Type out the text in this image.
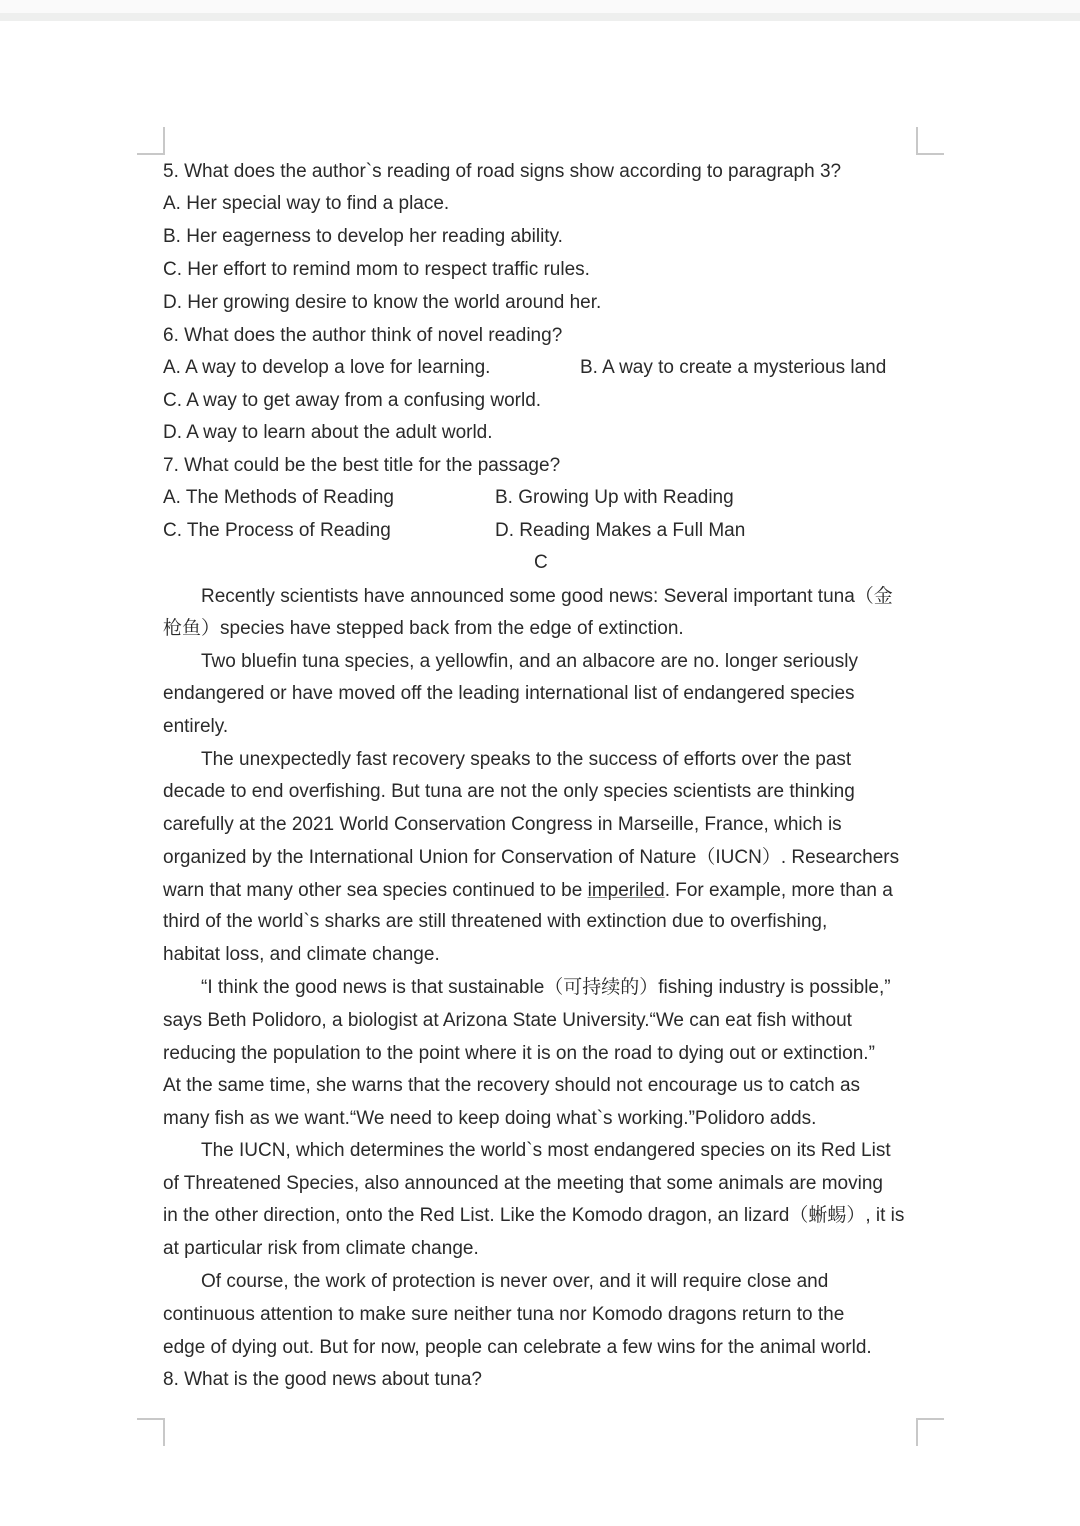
5. What does the author`s reading of road signs show according to paragraph 3?
A. Her special way to find a place.
B. Her eagerness to develop her reading ability.
C. Her effort to remind mom to respect traffic rules.
D. Her growing desire to know the world around her.
6. What does the author think of novel reading?
A. A way to develop a love for learning.	B. A way to create a mysterious land
C. A way to get away from a confusing world.
D. A way to learn about the adult world.
7. What could be the best title for the passage?
A. The Methods of Reading	B. Growing Up with Reading
C. The Process of Reading	D. Reading Makes a Full Man
C
Recently scientists have announced some good news: Several important tuna（金
枪鱼）species have stepped back from the edge of extinction.
Two bluefin tuna species, a yellowfin, and an albacore are no. longer seriously
endangered or have moved off the leading international list of endangered species
entirely.
The unexpectedly fast recovery speaks to the success of efforts over the past
decade to end overfishing. But tuna are not the only species scientists are thinking
carefully at the 2021 World Conservation Congress in Marseille, France, which is
organized by the International Union for Conservation of Nature（IUCN）. Researchers
warn that many other sea species continued to be imperiled. For example, more than a
third of the world`s sharks are still threatened with extinction due to overfishing,
habitat loss, and climate change.
“I think the good news is that sustainable（可持续的）fishing industry is possible,”
says Beth Polidoro, a biologist at Arizona State University.“We can eat fish without
reducing the population to the point where it is on the road to dying out or extinction.”
At the same time, she warns that the recovery should not encourage us to catch as
many fish as we want.“We need to keep doing what`s working.”Polidoro adds.
The IUCN, which determines the world`s most endangered species on its Red List
of Threatened Species, also announced at the meeting that some animals are moving
in the other direction, onto the Red List. Like the Komodo dragon, an lizard（蜥蜴）, it is
at particular risk from climate change.
Of course, the work of protection is never over, and it will require close and
continuous attention to make sure neither tuna nor Komodo dragons return to the
edge of dying out. But for now, people can celebrate a few wins for the animal world.
8. What is the good news about tuna?
